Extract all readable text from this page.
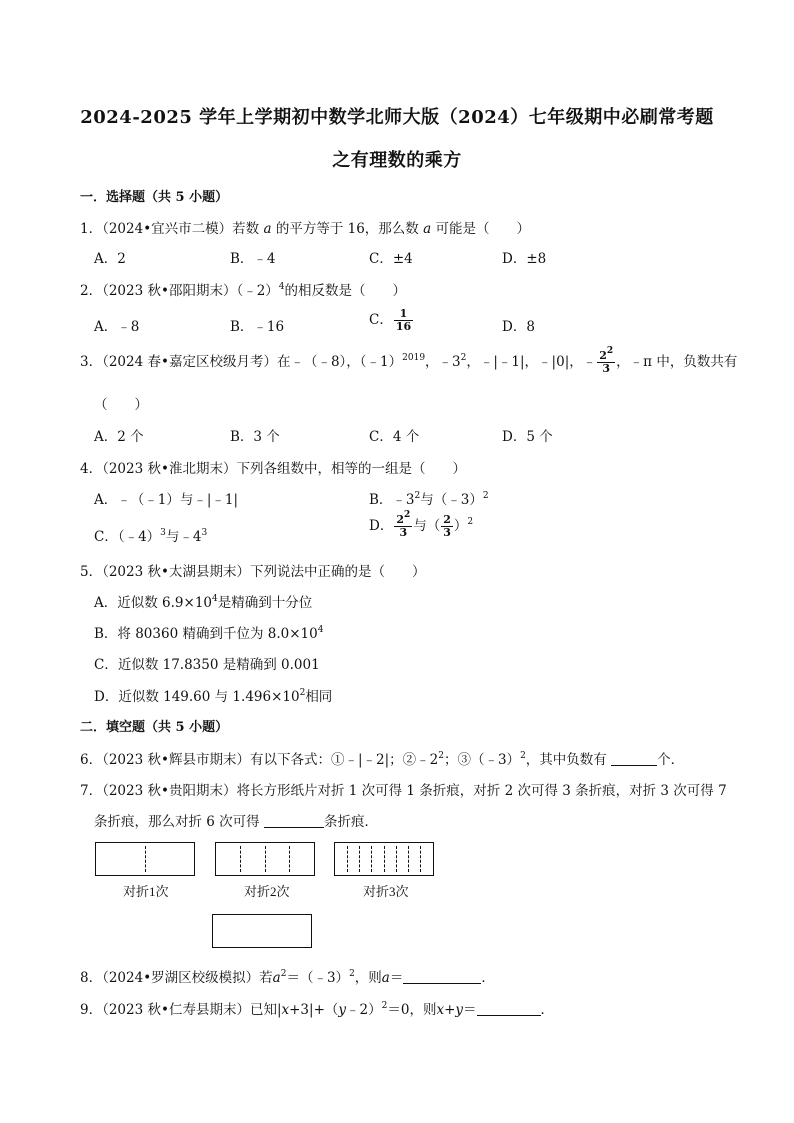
2024-2025 学年上学期初中数学北师大版（2024）七年级期中必刷常考题
之有理数的乘方
一．选择题（共 5 小题）
1．（2024•宜兴市二模）若数 a 的平方等于 16，那么数 a 可能是（　　）
A．2	B．﹣4	C．±4	D．±8
2．（2023 秋•邵阳期末）（﹣2）$^4$的相反数是（　　）
A．﹣8	B．﹣16	C． $\frac{1}{16}$	D．8
3．（2024 春•嘉定区校级月考）在﹣（﹣8），（﹣1）$^{2019}$，$﹣3^2$，﹣|﹣1|，﹣|0|，﹣ $\frac{2^2}{3}$ ，﹣π 中，负数共有
（　　）
A．2 个	B．3 个	C．4 个	D．5 个
4．（2023 秋•淮北期末）下列各组数中，相等的一组是（　　）
A．﹣（﹣1）与﹣|﹣1|	B．$﹣3^2$与（﹣3）$^2$
C．（﹣4）$^3$与$﹣4^3$	D． $\frac{2^2}{3}$ 与（ $\frac{2}{3} )^2$
5．（2023 秋•太湖县期末）下列说法中正确的是（　　）
A．近似数 $6.9\times 10^4$是精确到十分位
B．将 80360 精确到千位为 $8.0\times 10^4$
C．近似数 17.8350 是精确到 0.001
D．近似数 149.60 与 $1.496\times 10^2$相同
二．填空题（共 5 小题）
6．（2023 秋•辉县市期末）有以下各式：①﹣|﹣2|；$②﹣2^2$；③（﹣3）$^2$，其中负数有	个．
7．（2023 秋•贵阳期末）将长方形纸片对折 1 次可得 1 条折痕，对折 2 次可得 3 条折痕，对折 3 次可得 7
条折痕，那么对折 6 次可得	条折痕．
对折1次	对折2次	对折3次
8．（2024•罗湖区校级模拟）若$a^2=(﹣3)^2$，则a＝	．
9．（2023 秋•仁寿县期末）已知|x+3|+（y﹣2）$^2$＝0，则x+y＝	．
